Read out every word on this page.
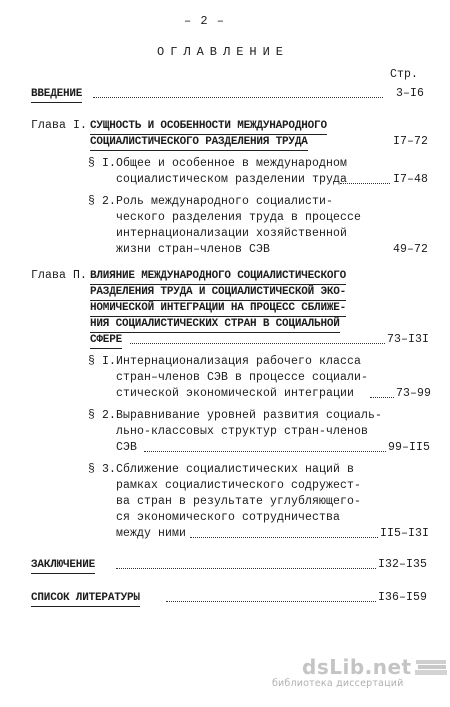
– 2 –
ОГЛАВЛЕНИЕ
Стр.
ВВЕДЕНИЕ	3–I6
Глава I. СУЩНОСТЬ И ОСОБЕННОСТИ МЕЖДУНАРОДНОГО
СОЦИАЛИСТИЧЕСКОГО РАЗДЕЛЕНИЯ ТРУДА	I7–72
§ I. Общее и особенное в международном
социалистическом разделении труда	I7–48
§ 2. Роль международного социалисти-
ческого разделения труда в процессе
интернационализации хозяйственной
жизни стран–членов СЭВ	49–72
Глава П. ВЛИЯНИЕ МЕЖДУНАРОДНОГО СОЦИАЛИСТИЧЕСКОГО
РАЗДЕЛЕНИЯ ТРУДА И СОЦИАЛИСТИЧЕСКОЙ ЭКО-
НОМИЧЕСКОЙ ИНТЕГРАЦИИ НА ПРОЦЕСС СБЛИЖЕ-
НИЯ СОЦИАЛИСТИЧЕСКИХ СТРАН В СОЦИАЛЬНОЙ
СФЕРЕ	73–I3I
§ I. Интернационализация рабочего класса
стран–членов СЭВ в процессе социали-
стической экономической интеграции	73–99
§ 2. Выравнивание уровней развития социаль-
льно-классовых структур стран-членов
СЭВ	99–II5
§ 3. Сближение социалистических наций в
рамках социалистического содружест-
ва стран в результате углубляющего-
ся экономического сотрудничества
между ними	II5–I3I
ЗАКЛЮЧЕНИЕ	I32–I35
СПИСОК ЛИТЕРАТУРЫ	I36–I59
dsLib.net
библиотека диссертаций
